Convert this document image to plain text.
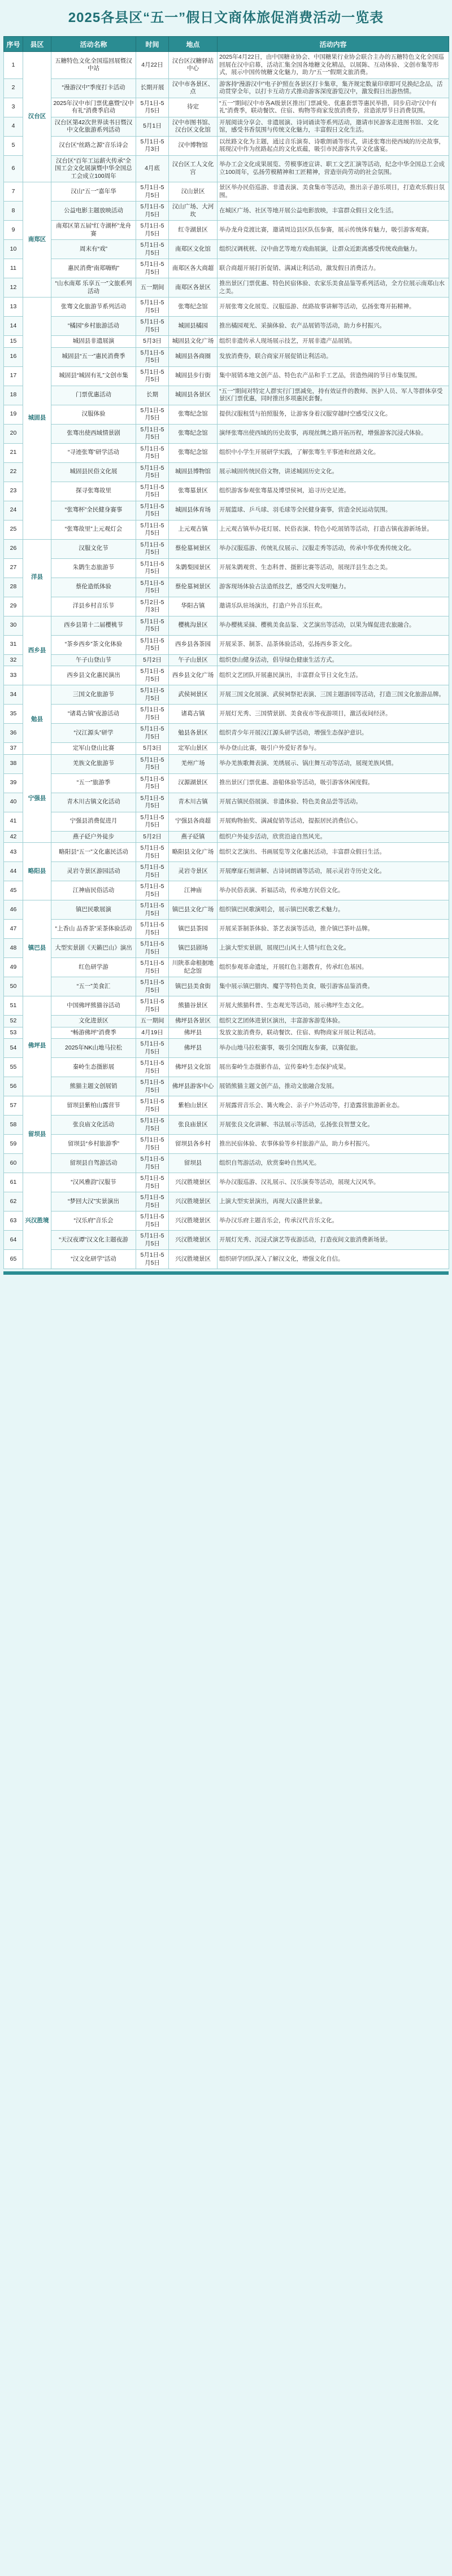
2025各县区“五一”假日文商体旅促消费活动一览表
序号	县区	活动名称	时间	地点	活动内容
1	汉台区	五糖特色文化全国巡回展暨汉中站	4月22日	汉台区汉糖驿站中心	2025年4月22日，由中国糖业协会、中国糖果行业协会联合主办的五糖特色文化全国巡回展在汉中启幕，活动汇集全国各地糖文化精品，以展陈、互动体验、文创市集等形式，展示中国传统糖文化魅力，助力“五一”假期文旅消费。
2		“漫游汉中”季度打卡活动	长期开展	汉中市各景区、点	游客持“漫游汉中”电子护照在各景区打卡集章，集齐规定数量印章即可兑换纪念品，活动贯穿全年，以打卡互动方式推动游客深度游览汉中，激发假日出游热情。
3		2025年汉中市门票优惠暨“汉中有礼”消费季启动	5月1日-5月5日	待定	“五一”期间汉中市各A级景区推出门票减免、优惠套票等惠民举措，同步启动“汉中有礼”消费季，联动餐饮、住宿、购物等商家发放消费券，营造浓厚节日消费氛围。
4		汉台区第42次世界读书日暨汉中文化旅游系列活动	5月1日	汉中市图书馆、汉台区文化馆	开展阅读分享会、非遗展演、诗词诵读等系列活动，邀请市民游客走进图书馆、文化馆，感受书香氛围与传统文化魅力，丰富假日文化生活。
5		汉台区“丝路之源”音乐诗会	5月1日-5月3日	汉中博物馆	以丝路文化为主题，通过音乐演奏、诗歌朗诵等形式，讲述张骞出使西域的历史故事，展现汉中作为丝路起点的文化底蕴，吸引市民游客共享文化盛宴。
6		汉台区“百年工运薪火传承”全国工会文化展演暨中华全国总工会成立100周年	4月底	汉台区工人文化宫	举办工会文化成果展览、劳模事迹宣讲、职工文艺汇演等活动，纪念中华全国总工会成立100周年，弘扬劳模精神和工匠精神，营造崇尚劳动的社会氛围。
7	南郑区	汉山“五一”嘉年华	5月1日-5月5日	汉山景区	景区举办民俗巡游、非遗表演、美食集市等活动，推出亲子游乐项目，打造欢乐假日氛围。
8		公益电影主题放映活动	5月1日-5月5日	汉山广场、大河坎	在城区广场、社区等地开展公益电影放映，丰富群众假日文化生活。
9		南郑区第五届“红寺湖杯”龙舟赛	5月1日-5月5日	红寺湖景区	举办龙舟竞渡比赛，邀请周边县区队伍参赛，展示传统体育魅力，吸引游客观赛。
10		周末有“戏”	5月1日-5月5日	南郑区文化馆	组织汉调桄桄、汉中曲艺等地方戏曲展演，让群众近距离感受传统戏曲魅力。
11		惠民消费“南郑嗨购”	5月1日-5月5日	南郑区各大商超	联合商超开展打折促销、满减让利活动，激发假日消费活力。
12		“山水南郑 乐享五一”文旅系列活动	五一期间	南郑区各景区	推出景区门票优惠、特色民宿体验、农家乐美食品鉴等系列活动，全方位展示南郑山水之美。
13	城固县	张骞文化旅游节系列活动	5月1日-5月5日	张骞纪念馆	开展张骞文化展览、汉服巡游、丝路故事讲解等活动，弘扬张骞开拓精神。
14		“橘园”乡村旅游活动	5月1日-5月5日	城固县橘园	推出橘园观光、采摘体验、农产品展销等活动，助力乡村振兴。
15		城固县非遗展演	5月3日	城固县文化广场	组织非遗传承人现场展示技艺，开展非遗产品展销。
16		城固县“五一”惠民消费季	5月1日-5月5日	城固县各商圈	发放消费券，联合商家开展促销让利活动。
17		城固县“城固有礼”文创市集	5月1日-5月5日	城固县步行街	集中展销本地文创产品、特色农产品和手工艺品，营造热闹的节日市集氛围。
18		门票优惠活动	长期	城固县各景区	“五一”期间对特定人群实行门票减免，持有效证件的教师、医护人员、军人等群体享受景区门票优惠，同时推出多项惠民套餐。
19		汉服体验	5月1日-5月5日	张骞纪念馆	提供汉服租赁与拍照服务，让游客身着汉服穿越时空感受汉文化。
20		张骞出使西域情景剧	5月1日-5月5日	张骞纪念馆	演绎张骞出使西域的历史故事，再现丝绸之路开拓历程，增强游客沉浸式体验。
21		“寻迹张骞”研学活动	5月1日-5月5日	张骞纪念馆	组织中小学生开展研学实践，了解张骞生平事迹和丝路文化。
22		城固县民俗文化展	5月1日-5月5日	城固县博物馆	展示城固传统民俗文物，讲述城固历史文化。
23		探寻张骞故里	5月1日-5月5日	张骞墓景区	组织游客参观张骞墓及博望侯祠，追寻历史足迹。
24		“张骞杯”全民健身赛事	5月1日-5月5日	城固县体育场	开展篮球、乒乓球、羽毛球等全民健身赛事，营造全民运动氛围。
25		“张骞故里”上元观灯会	5月1日-5月5日	上元观古镇	上元观古镇举办花灯展、民俗表演、特色小吃展销等活动，打造古镇夜游新场景。
26	洋县	汉服文化节	5月1日-5月5日	蔡伦墓祠景区	举办汉服巡游、传统礼仪展示、汉服走秀等活动，传承中华优秀传统文化。
27		朱鹮生态旅游节	5月1日-5月5日	朱鹮梨园景区	开展朱鹮观赏、生态科普、摄影比赛等活动，展现洋县生态之美。
28		蔡伦造纸体验	5月1日-5月5日	蔡伦墓祠景区	游客现场体验古法造纸技艺，感受四大发明魅力。
29		洋县乡村音乐节	5月2日-5月3日	华阳古镇	邀请乐队驻场演出，打造户外音乐狂欢。
30	西乡县	西乡县第十二届樱桃节	5月1日-5月5日	樱桃沟景区	举办樱桃采摘、樱桃美食品鉴、文艺演出等活动，以果为媒促进农旅融合。
31		“茶乡西乡”茶文化体验	5月1日-5月5日	西乡县各茶园	开展采茶、制茶、品茶体验活动，弘扬西乡茶文化。
32		午子山登山节	5月2日	午子山景区	组织登山健身活动，倡导绿色健康生活方式。
33		西乡县文化惠民演出	5月1日-5月5日	西乡县文化广场	组织文艺团队开展惠民演出，丰富群众节日文化生活。
34	勉县	三国文化旅游节	5月1日-5月5日	武侯祠景区	开展三国文化展演、武侯祠祭祀表演、三国主题游园等活动，打造三国文化旅游品牌。
35		“诸葛古镇”夜游活动	5月1日-5月5日	诸葛古镇	开展灯光秀、三国情景剧、美食夜市等夜游项目，激活夜间经济。
36		“汉江源头”研学	5月1日-5月5日	勉县各景区	组织青少年开展汉江源头研学活动，增强生态保护意识。
37		定军山登山比赛	5月3日	定军山景区	举办登山比赛，吸引户外爱好者参与。
38	宁强县	羌族文化旅游节	5月1日-5月5日	羌州广场	举办羌族歌舞表演、羌绣展示、锅庄舞互动等活动，展现羌族风情。
39		“五一”旅游季	5月1日-5月5日	汉源湖景区	推出景区门票优惠、游船体验等活动，吸引游客休闲度假。
40		青木川古镇文化活动	5月1日-5月5日	青木川古镇	开展古镇民俗展演、非遗体验、特色美食品尝等活动。
41		宁强县消费促进月	5月1日-5月5日	宁强县各商超	开展购物抽奖、满减促销等活动，提振居民消费信心。
42		燕子砭户外徒步	5月2日	燕子砭镇	组织户外徒步活动，欣赏沿途自然风光。
43	略阳县	略阳县“五一”文化惠民活动	5月1日-5月5日	略阳县文化广场	组织文艺演出、书画展览等文化惠民活动，丰富群众假日生活。
44		灵岩寺景区游园活动	5月1日-5月5日	灵岩寺景区	开展摩崖石刻讲解、古诗词朗诵等活动，展示灵岩寺历史文化。
45		江神庙民俗活动	5月1日-5月5日	江神庙	举办民俗表演、祈福活动，传承地方民俗文化。
46	镇巴县	镇巴民歌展演	5月1日-5月5日	镇巴县文化广场	组织镇巴民歌演唱会，展示镇巴民歌艺术魅力。
47		“上香山 品香茶”采茶体验活动	5月1日-5月5日	镇巴县茶园	开展采茶制茶体验、茶艺表演等活动，推介镇巴茶叶品牌。
48		大型实景剧《天籁巴山》演出	5月1日-5月5日	镇巴县剧场	上演大型实景剧，展现巴山风土人情与红色文化。
49		红色研学游	5月1日-5月5日	川陕革命根据地纪念馆	组织参观革命遗址，开展红色主题教育，传承红色基因。
50		“五一”美食汇	5月1日-5月5日	镇巴县美食街	集中展示镇巴腊肉、魔芋等特色美食，吸引游客品鉴消费。
51	佛坪县	中国佛坪熊猫谷活动	5月1日-5月5日	熊猫谷景区	开展大熊猫科普、生态观光等活动，展示佛坪生态文化。
52		文化进景区	五一期间	佛坪县各景区	组织文艺团体进景区演出，丰富游客游览体验。
53		“畅游佛坪”消费季	4月19日	佛坪县	发放文旅消费券，联动餐饮、住宿、购物商家开展让利活动。
54		2025年NK山地马拉松	5月1日-5月5日	佛坪县	举办山地马拉松赛事，吸引全国跑友参赛，以赛促旅。
55		秦岭生态摄影展	5月1日-5月5日	佛坪县文化馆	展出秦岭生态摄影作品，宣传秦岭生态保护成果。
56		熊猫主题文创展销	5月1日-5月5日	佛坪县游客中心	展销熊猫主题文创产品，推动文旅融合发展。
57	留坝县	留坝县紫柏山露营节	5月1日-5月5日	紫柏山景区	开展露营音乐会、篝火晚会、亲子户外活动等，打造露营旅游新业态。
58		张良庙文化活动	5月1日-5月5日	张良庙景区	开展张良文化讲解、书法展示等活动，弘扬张良智慧文化。
59		留坝县“乡村旅游季”	5月1日-5月5日	留坝县各乡村	推出民宿体验、农事体验等乡村旅游产品，助力乡村振兴。
60		留坝县自驾游活动	5月1日-5月5日	留坝县	组织自驾游活动，欣赏秦岭自然风光。
61	兴汉胜境	“汉风雅韵”汉服节	5月1日-5月5日	兴汉胜境景区	举办汉服巡游、汉礼展示、汉乐演奏等活动，展现大汉风华。
62		“梦回大汉”实景演出	5月1日-5月5日	兴汉胜境景区	上演大型实景演出，再现大汉盛世景象。
63		“汉乐府”音乐会	5月1日-5月5日	兴汉胜境景区	举办汉乐府主题音乐会，传承汉代音乐文化。
64		“天汉夜谭”汉文化主题夜游	5月1日-5月5日	兴汉胜境景区	开展灯光秀、沉浸式演艺等夜游活动，打造夜间文旅消费新场景。
65		“汉文化研学”活动	5月1日-5月5日	兴汉胜境景区	组织研学团队深入了解汉文化，增强文化自信。
